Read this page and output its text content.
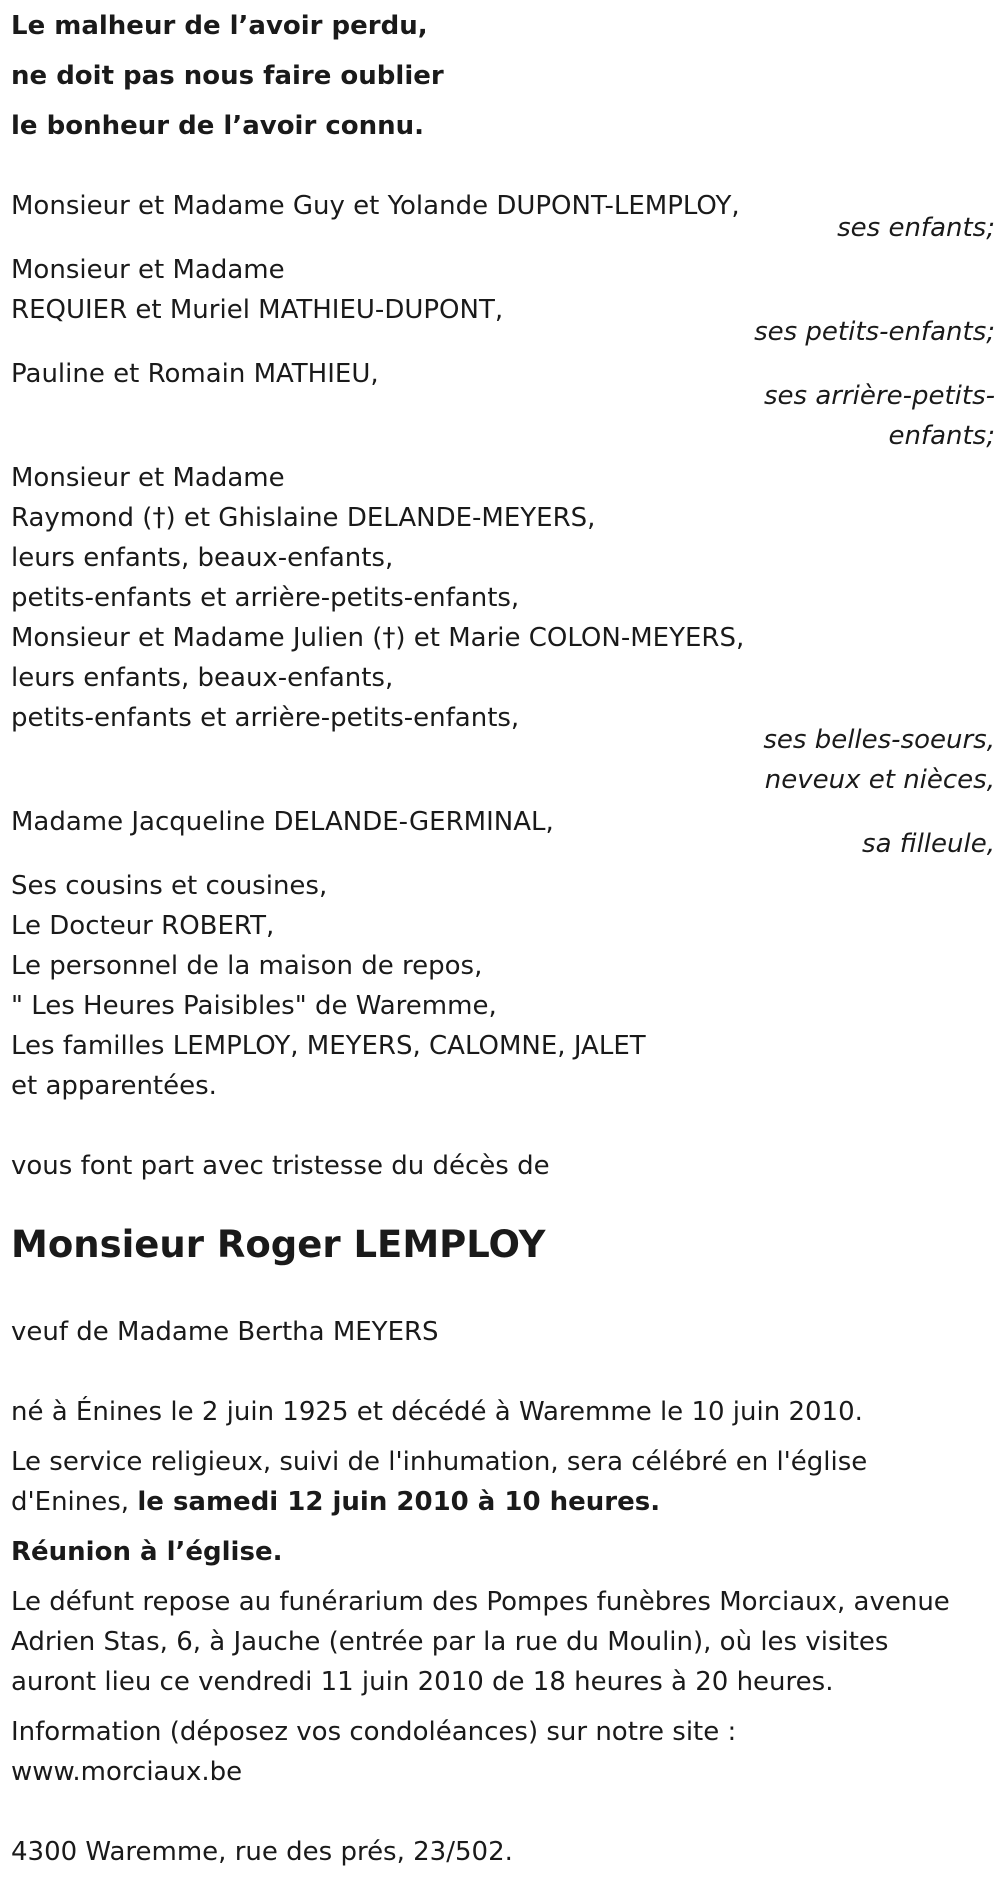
Le malheur de l’avoir perdu,

ne doit pas nous faire oublier

le bonheur de l’avoir connu.

Monsieur et Madame Guy et Yolande DUPONT-LEMPLOY,

ses enfants;

Monsieur et Madame

REQUIER et Muriel MATHIEU-DUPONT,

ses petits-enfants;

Pauline et Romain MATHIEU,

ses arrière-petits-

enfants;

Monsieur et Madame

Raymond (†) et Ghislaine DELANDE-MEYERS,

leurs enfants, beaux-enfants,

petits-enfants et arrière-petits-enfants,

Monsieur et Madame Julien (†) et Marie COLON-MEYERS,

leurs enfants, beaux-enfants,

petits-enfants et arrière-petits-enfants,

ses belles-soeurs,

neveux et nièces,

Madame Jacqueline DELANDE-GERMINAL,

sa filleule,

Ses cousins et cousines,

Le Docteur ROBERT,

Le personnel de la maison de repos,

" Les Heures Paisibles" de Waremme,

Les familles LEMPLOY, MEYERS, CALOMNE, JALET

et apparentées.

vous font part avec tristesse du décès de

Monsieur Roger LEMPLOY

veuf de Madame Bertha MEYERS

né à Énines le 2 juin 1925 et décédé à Waremme le 10 juin 2010.

Le service religieux, suivi de l'inhumation, sera célébré en l'église

d'Enines, le samedi 12 juin 2010 à 10 heures.

Réunion à l’église.

Le défunt repose au funérarium des Pompes funèbres Morciaux, avenue

Adrien Stas, 6, à Jauche (entrée par la rue du Moulin), où les visites

auront lieu ce vendredi 11 juin 2010 de 18 heures à 20 heures.

Information (déposez vos condoléances) sur notre site :

www.morciaux.be

4300 Waremme, rue des prés, 23/502.
